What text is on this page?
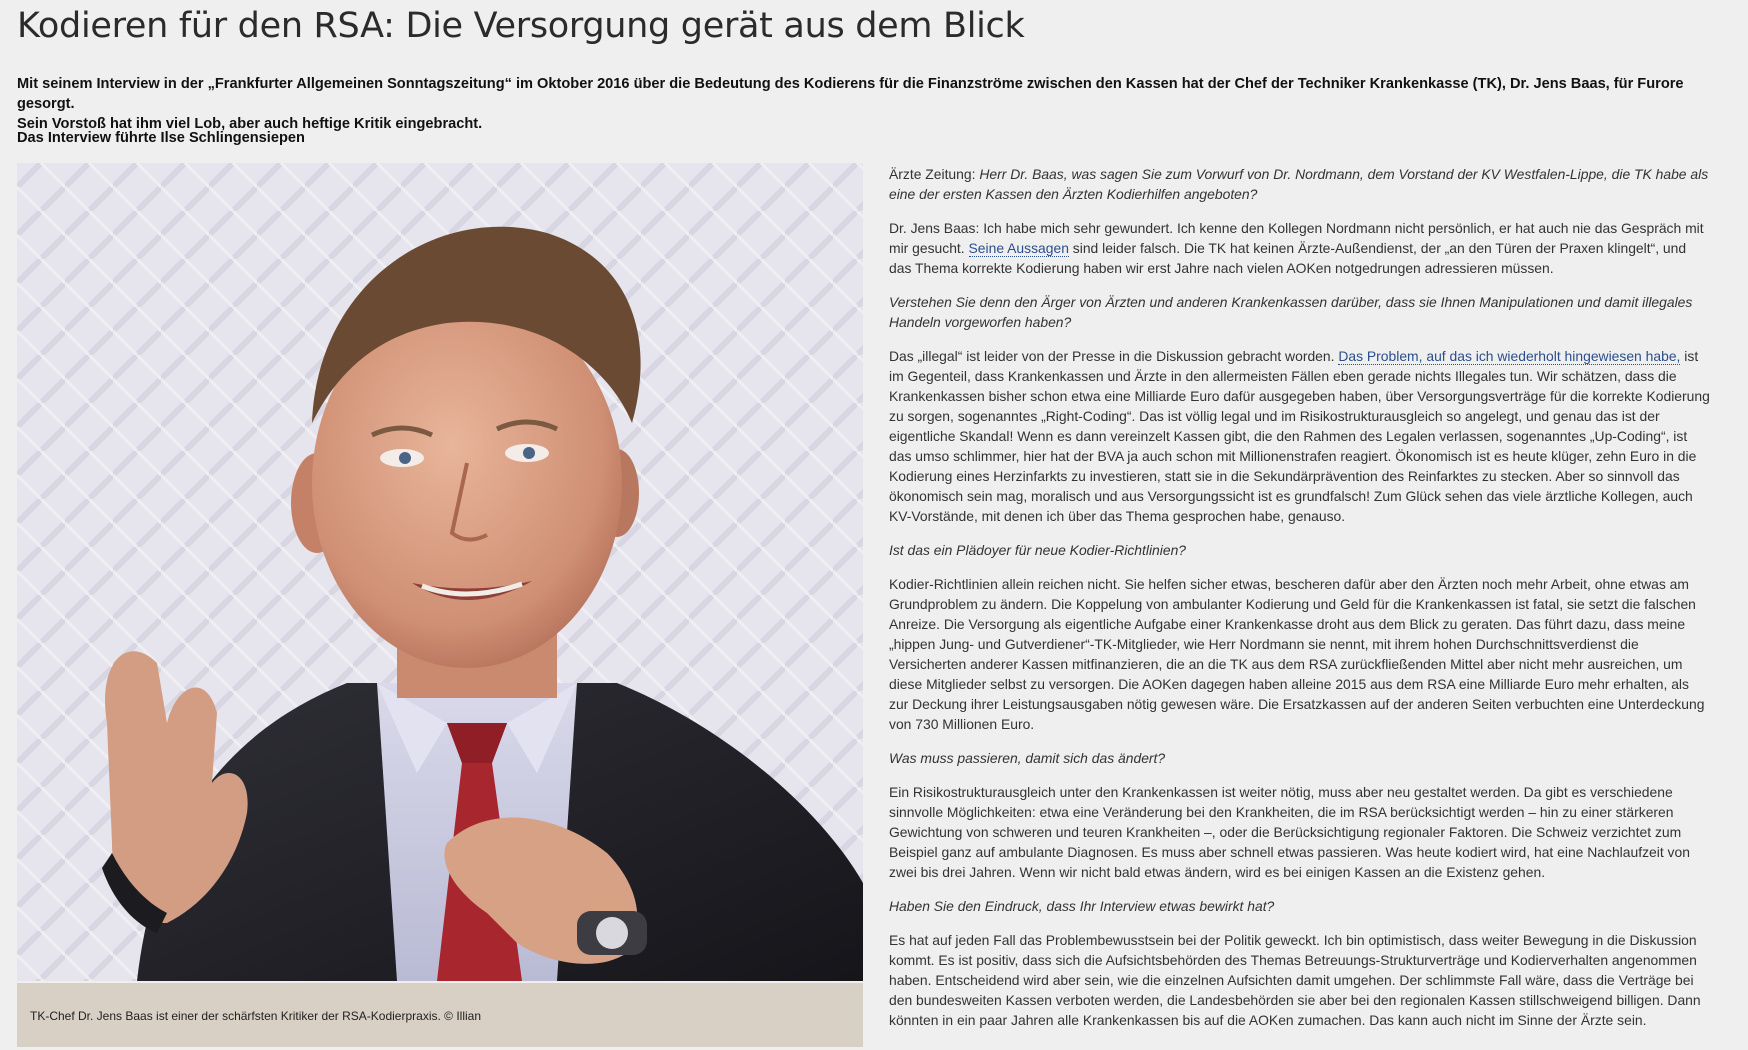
Kodieren für den RSA: Die Versorgung gerät aus dem Blick
Mit seinem Interview in der „Frankfurter Allgemeinen Sonntagszeitung“ im Oktober 2016 über die Bedeutung des Kodierens für die Finanzströme zwischen den Kassen hat der Chef der Techniker Krankenkasse (TK), Dr. Jens Baas, für Furore gesorgt.
Sein Vorstoß hat ihm viel Lob, aber auch heftige Kritik eingebracht.
Das Interview führte Ilse Schlingensiepen
TK-Chef Dr. Jens Baas ist einer der schärfsten Kritiker der RSA-Kodierpraxis. © Illian

Ärzte Zeitung: Herr Dr. Baas, was sagen Sie zum Vorwurf von Dr. Nordmann, dem Vorstand der KV Westfalen-Lippe, die TK habe als eine der ersten Kassen den Ärzten Kodierhilfen angeboten?

Dr. Jens Baas: Ich habe mich sehr gewundert. Ich kenne den Kollegen Nordmann nicht persönlich, er hat auch nie das Gespräch mit mir gesucht. Seine Aussagen sind leider falsch. Die TK hat keinen Ärzte-Außendienst, der „an den Türen der Praxen klingelt“, und das Thema korrekte Kodierung haben wir erst Jahre nach vielen AOKen notgedrungen adressieren müssen.

Verstehen Sie denn den Ärger von Ärzten und anderen Krankenkassen darüber, dass sie Ihnen Manipulationen und damit illegales Handeln vorgeworfen haben?

Das „illegal“ ist leider von der Presse in die Diskussion gebracht worden. Das Problem, auf das ich wiederholt hingewiesen habe, ist im Gegenteil, dass Krankenkassen und Ärzte in den allermeisten Fällen eben gerade nichts Illegales tun. Wir schätzen, dass die Krankenkassen bisher schon etwa eine Milliarde Euro dafür ausgegeben haben, über Versorgungsverträge für die korrekte Kodierung zu sorgen, sogenanntes „Right-Coding“. Das ist völlig legal und im Risikostrukturausgleich so angelegt, und genau das ist der eigentliche Skandal! Wenn es dann vereinzelt Kassen gibt, die den Rahmen des Legalen verlassen, sogenanntes „Up-Coding“, ist das umso schlimmer, hier hat der BVA ja auch schon mit Millionenstrafen reagiert. Ökonomisch ist es heute klüger, zehn Euro in die Kodierung eines Herzinfarkts zu investieren, statt sie in die Sekundärprävention des Reinfarktes zu stecken. Aber so sinnvoll das ökonomisch sein mag, moralisch und aus Versorgungssicht ist es grundfalsch! Zum Glück sehen das viele ärztliche Kollegen, auch KV-Vorstände, mit denen ich über das Thema gesprochen habe, genauso.

Ist das ein Plädoyer für neue Kodier-Richtlinien?

Kodier-Richtlinien allein reichen nicht. Sie helfen sicher etwas, bescheren dafür aber den Ärzten noch mehr Arbeit, ohne etwas am Grundproblem zu ändern. Die Koppelung von ambulanter Kodierung und Geld für die Krankenkassen ist fatal, sie setzt die falschen Anreize. Die Versorgung als eigentliche Aufgabe einer Krankenkasse droht aus dem Blick zu geraten. Das führt dazu, dass meine „hippen Jung- und Gutverdiener“-TK-Mitglieder, wie Herr Nordmann sie nennt, mit ihrem hohen Durchschnittsverdienst die Versicherten anderer Kassen mitfinanzieren, die an die TK aus dem RSA zurückfließenden Mittel aber nicht mehr ausreichen, um diese Mitglieder selbst zu versorgen. Die AOKen dagegen haben alleine 2015 aus dem RSA eine Milliarde Euro mehr erhalten, als zur Deckung ihrer Leistungsausgaben nötig gewesen wäre. Die Ersatzkassen auf der anderen Seiten verbuchten eine Unterdeckung von 730 Millionen Euro.

Was muss passieren, damit sich das ändert?

Ein Risikostrukturausgleich unter den Krankenkassen ist weiter nötig, muss aber neu gestaltet werden. Da gibt es verschiedene sinnvolle Möglichkeiten: etwa eine Veränderung bei den Krankheiten, die im RSA berücksichtigt werden – hin zu einer stärkeren Gewichtung von schweren und teuren Krankheiten –, oder die Berücksichtigung regionaler Faktoren. Die Schweiz verzichtet zum Beispiel ganz auf ambulante Diagnosen. Es muss aber schnell etwas passieren. Was heute kodiert wird, hat eine Nachlaufzeit von zwei bis drei Jahren. Wenn wir nicht bald etwas ändern, wird es bei einigen Kassen an die Existenz gehen.

Haben Sie den Eindruck, dass Ihr Interview etwas bewirkt hat?

Es hat auf jeden Fall das Problembewusstsein bei der Politik geweckt. Ich bin optimistisch, dass weiter Bewegung in die Diskussion kommt. Es ist positiv, dass sich die Aufsichtsbehörden des Themas Betreuungs-Strukturverträge und Kodierverhalten angenommen haben. Entscheidend wird aber sein, wie die einzelnen Aufsichten damit umgehen. Der schlimmste Fall wäre, dass die Verträge bei den bundesweiten Kassen verboten werden, die Landesbehörden sie aber bei den regionalen Kassen stillschweigend billigen. Dann könnten in ein paar Jahren alle Krankenkassen bis auf die AOKen zumachen. Das kann auch nicht im Sinne der Ärzte sein.
